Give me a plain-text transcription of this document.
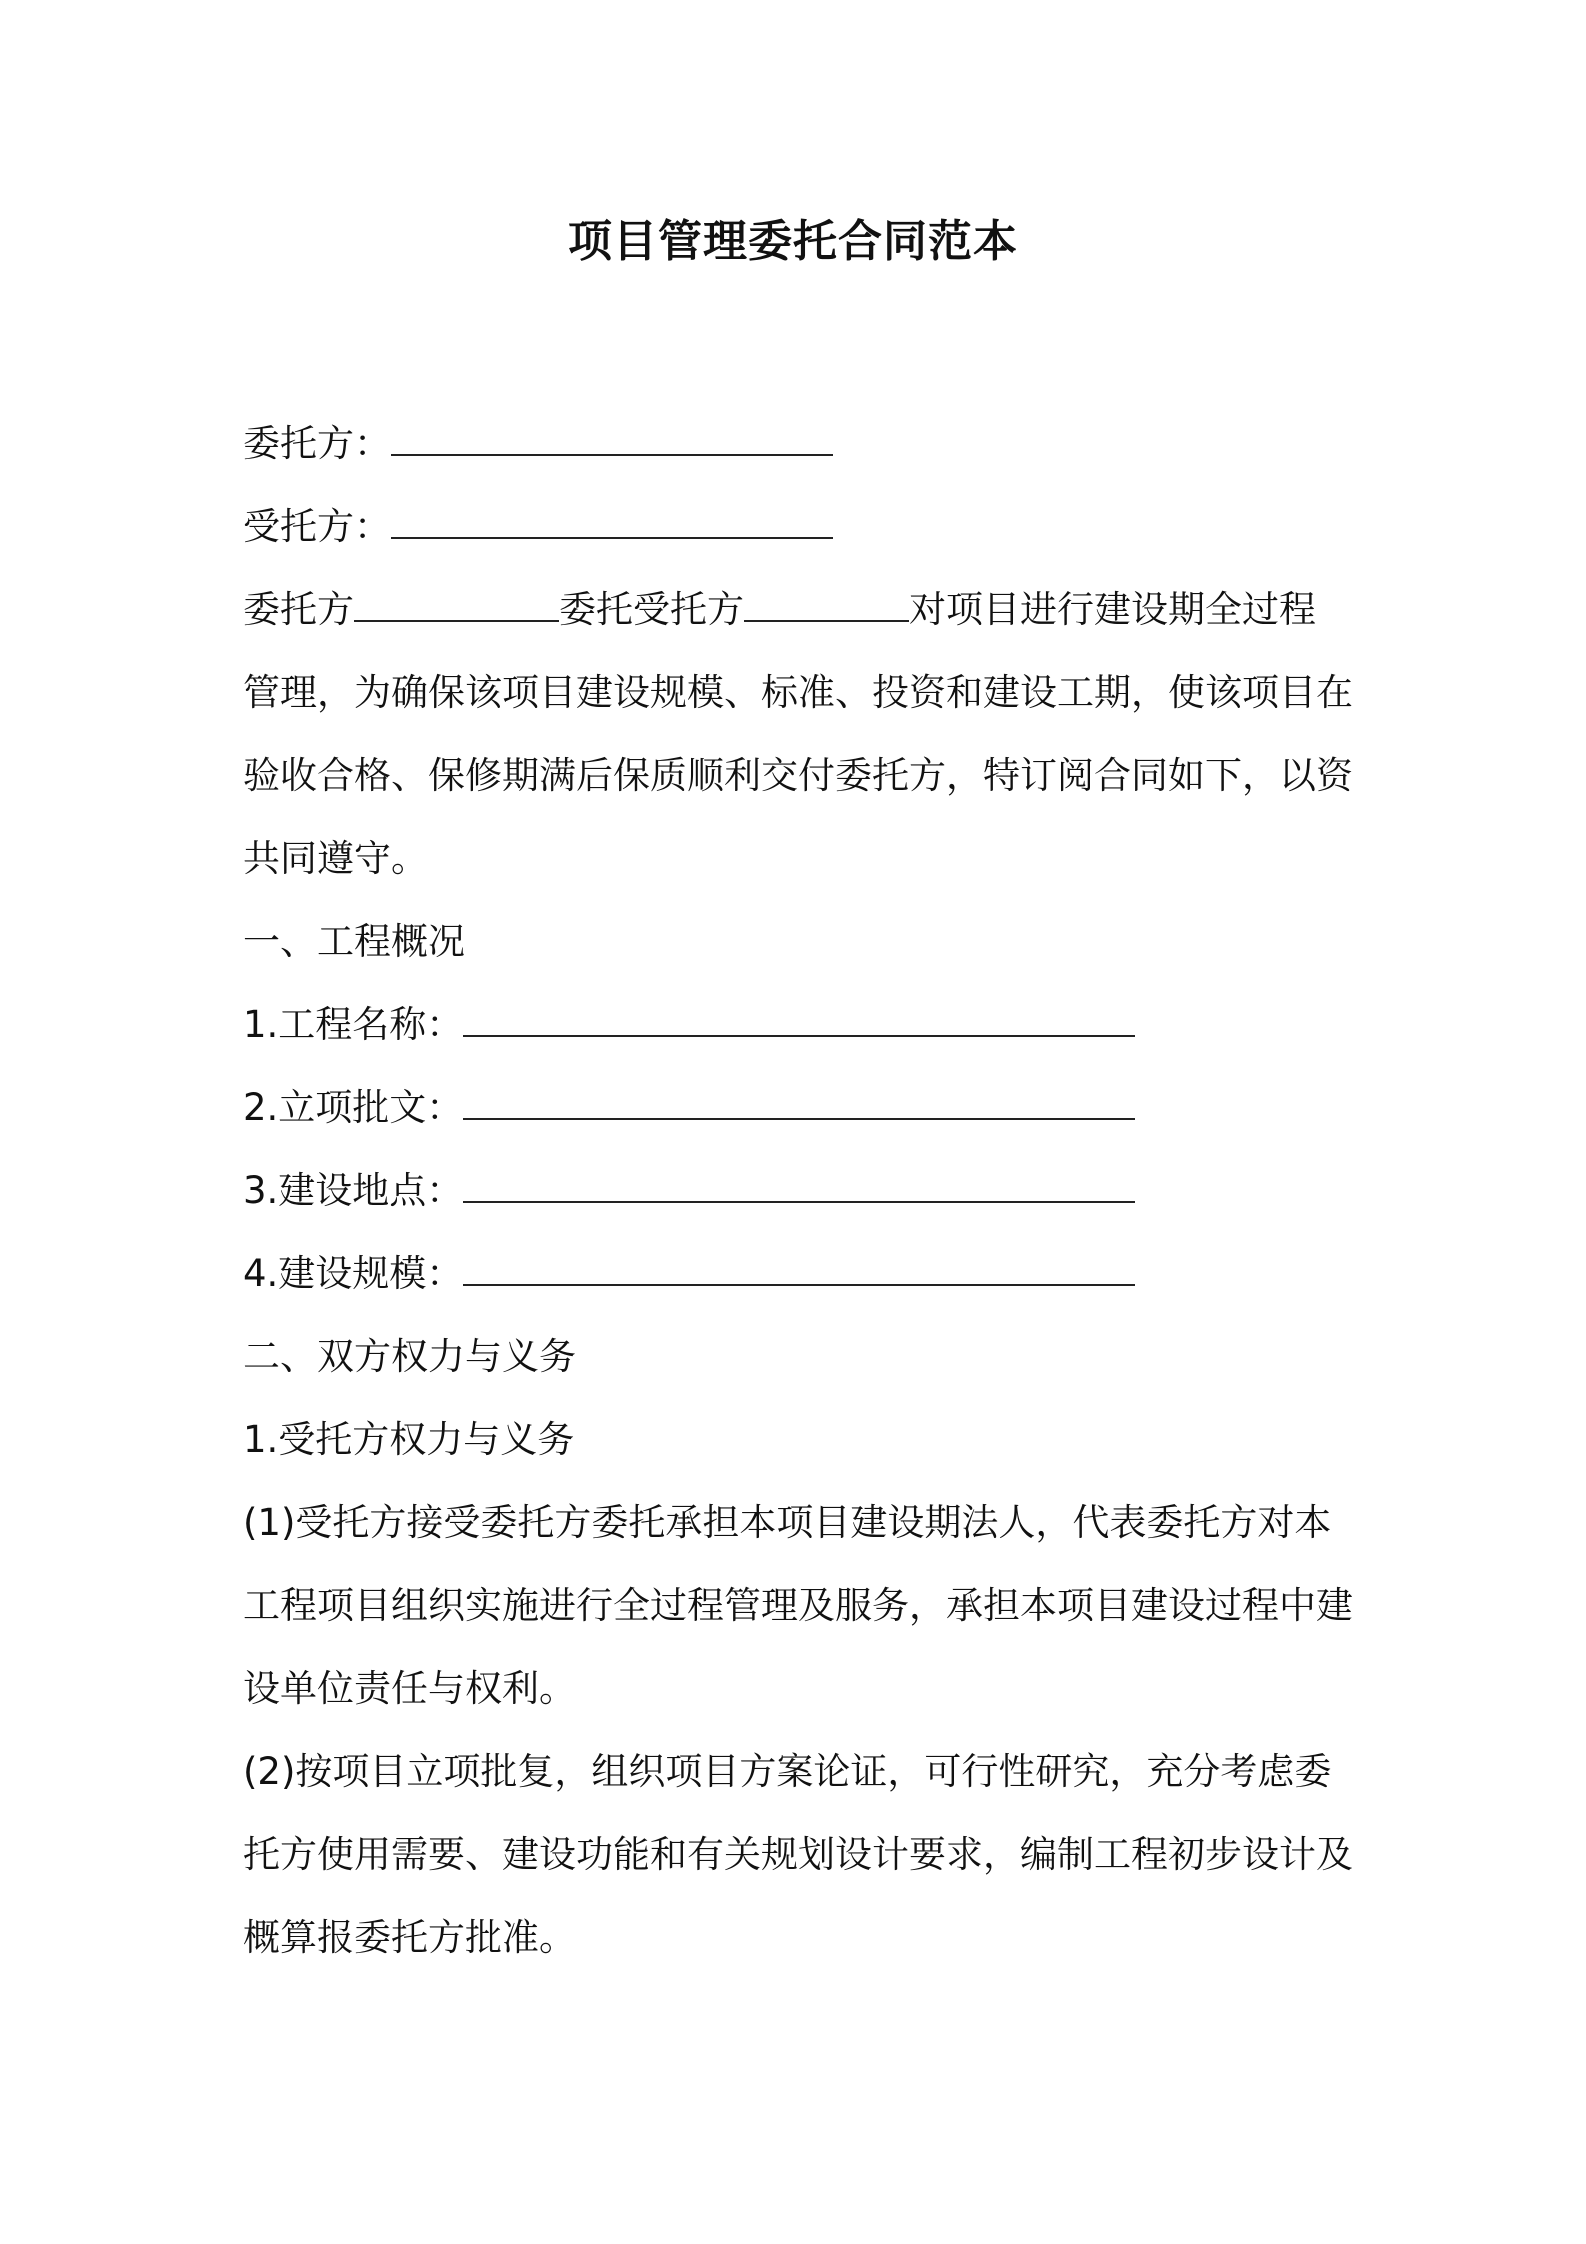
项目管理委托合同范本
委托方：
受托方：
委托方	委托受托方	对项目进行建设期全过程
管理，为确保该项目建设规模、标准、投资和建设工期，使该项目在
验收合格、保修期满后保质顺利交付委托方，特订阅合同如下，以资
共同遵守。
一、工程概况
1.工程名称：
2.立项批文：
3.建设地点：
4.建设规模：
二、双方权力与义务
1.受托方权力与义务
(1)受托方接受委托方委托承担本项目建设期法人，代表委托方对本
工程项目组织实施进行全过程管理及服务，承担本项目建设过程中建
设单位责任与权利。
(2)按项目立项批复，组织项目方案论证，可行性研究，充分考虑委
托方使用需要、建设功能和有关规划设计要求，编制工程初步设计及
概算报委托方批准。
